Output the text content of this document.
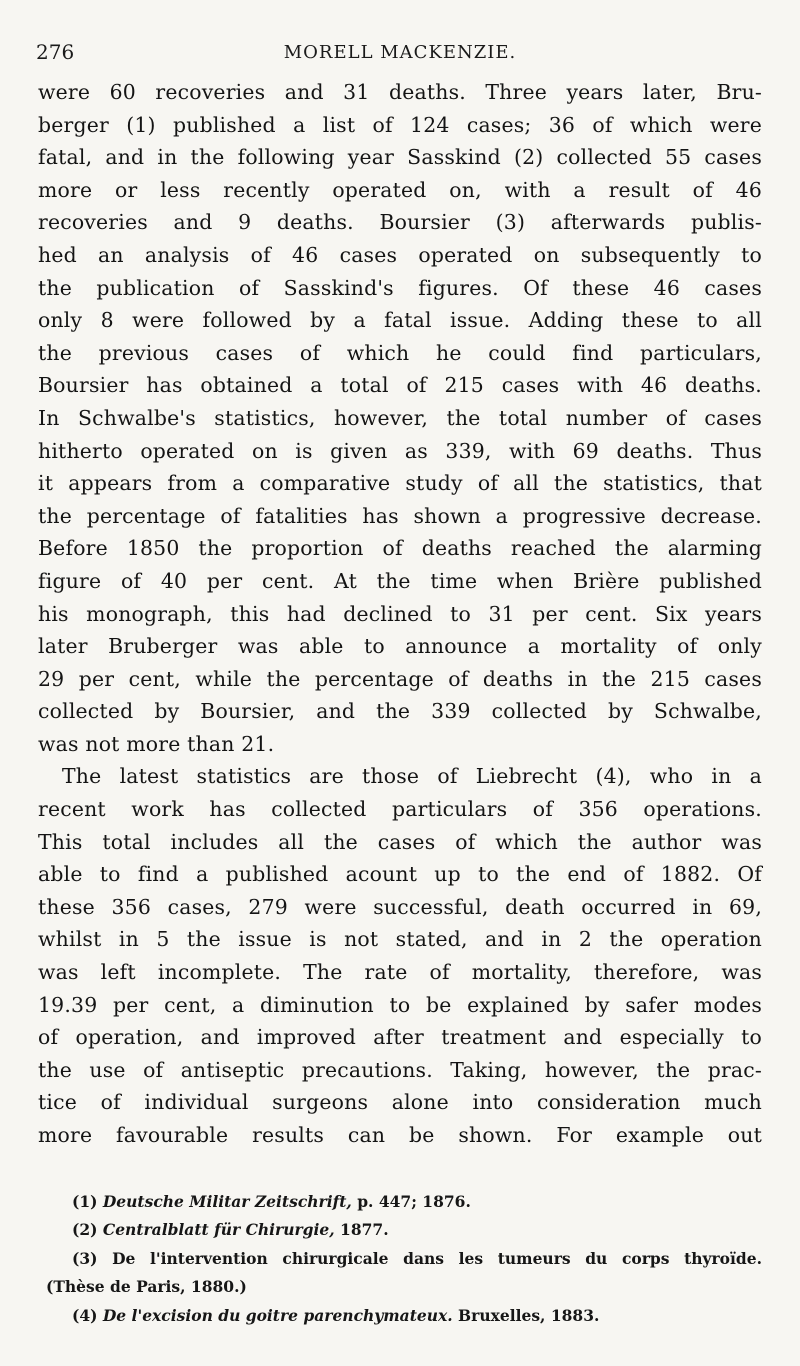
276	MORELL MACKENZIE.
were 60 recoveries and 31 deaths. Three years later, Bru-
berger (1) published a list of 124 cases; 36 of which were
fatal, and in the following year Sasskind (2) collected 55 cases
more or less recently operated on, with a result of 46
recoveries and 9 deaths. Boursier (3) afterwards publis-
hed an analysis of 46 cases operated on subsequently to
the publication of Sasskind's figures. Of these 46 cases
only 8 were followed by a fatal issue. Adding these to all
the previous cases of which he could find particulars,
Boursier has obtained a total of 215 cases with 46 deaths.
In Schwalbe's statistics, however, the total number of cases
hitherto operated on is given as 339, with 69 deaths. Thus
it appears from a comparative study of all the statistics, that
the percentage of fatalities has shown a progressive decrease.
Before 1850 the proportion of deaths reached the alarming
figure of 40 per cent. At the time when Brière published
his monograph, this had declined to 31 per cent. Six years
later Bruberger was able to announce a mortality of only
29 per cent, while the percentage of deaths in the 215 cases
collected by Boursier, and the 339 collected by Schwalbe,
was not more than 21.
The latest statistics are those of Liebrecht (4), who in a
recent work has collected particulars of 356 operations.
This total includes all the cases of which the author was
able to find a published acount up to the end of 1882. Of
these 356 cases, 279 were successful, death occurred in 69,
whilst in 5 the issue is not stated, and in 2 the operation
was left incomplete. The rate of mortality, therefore, was
19.39 per cent, a diminution to be explained by safer modes
of operation, and improved after treatment and especially to
the use of antiseptic precautions. Taking, however, the prac-
tice of individual surgeons alone into consideration much
more favourable results can be shown. For example out
(1) Deutsche Militar Zeitschrift, p. 447; 1876.
(2) Centralblatt für Chirurgie, 1877.
(3) De l'intervention chirurgicale dans les tumeurs du corps thyroïde.
(Thèse de Paris, 1880.)
(4) De l'excision du goitre parenchymateux. Bruxelles, 1883.
